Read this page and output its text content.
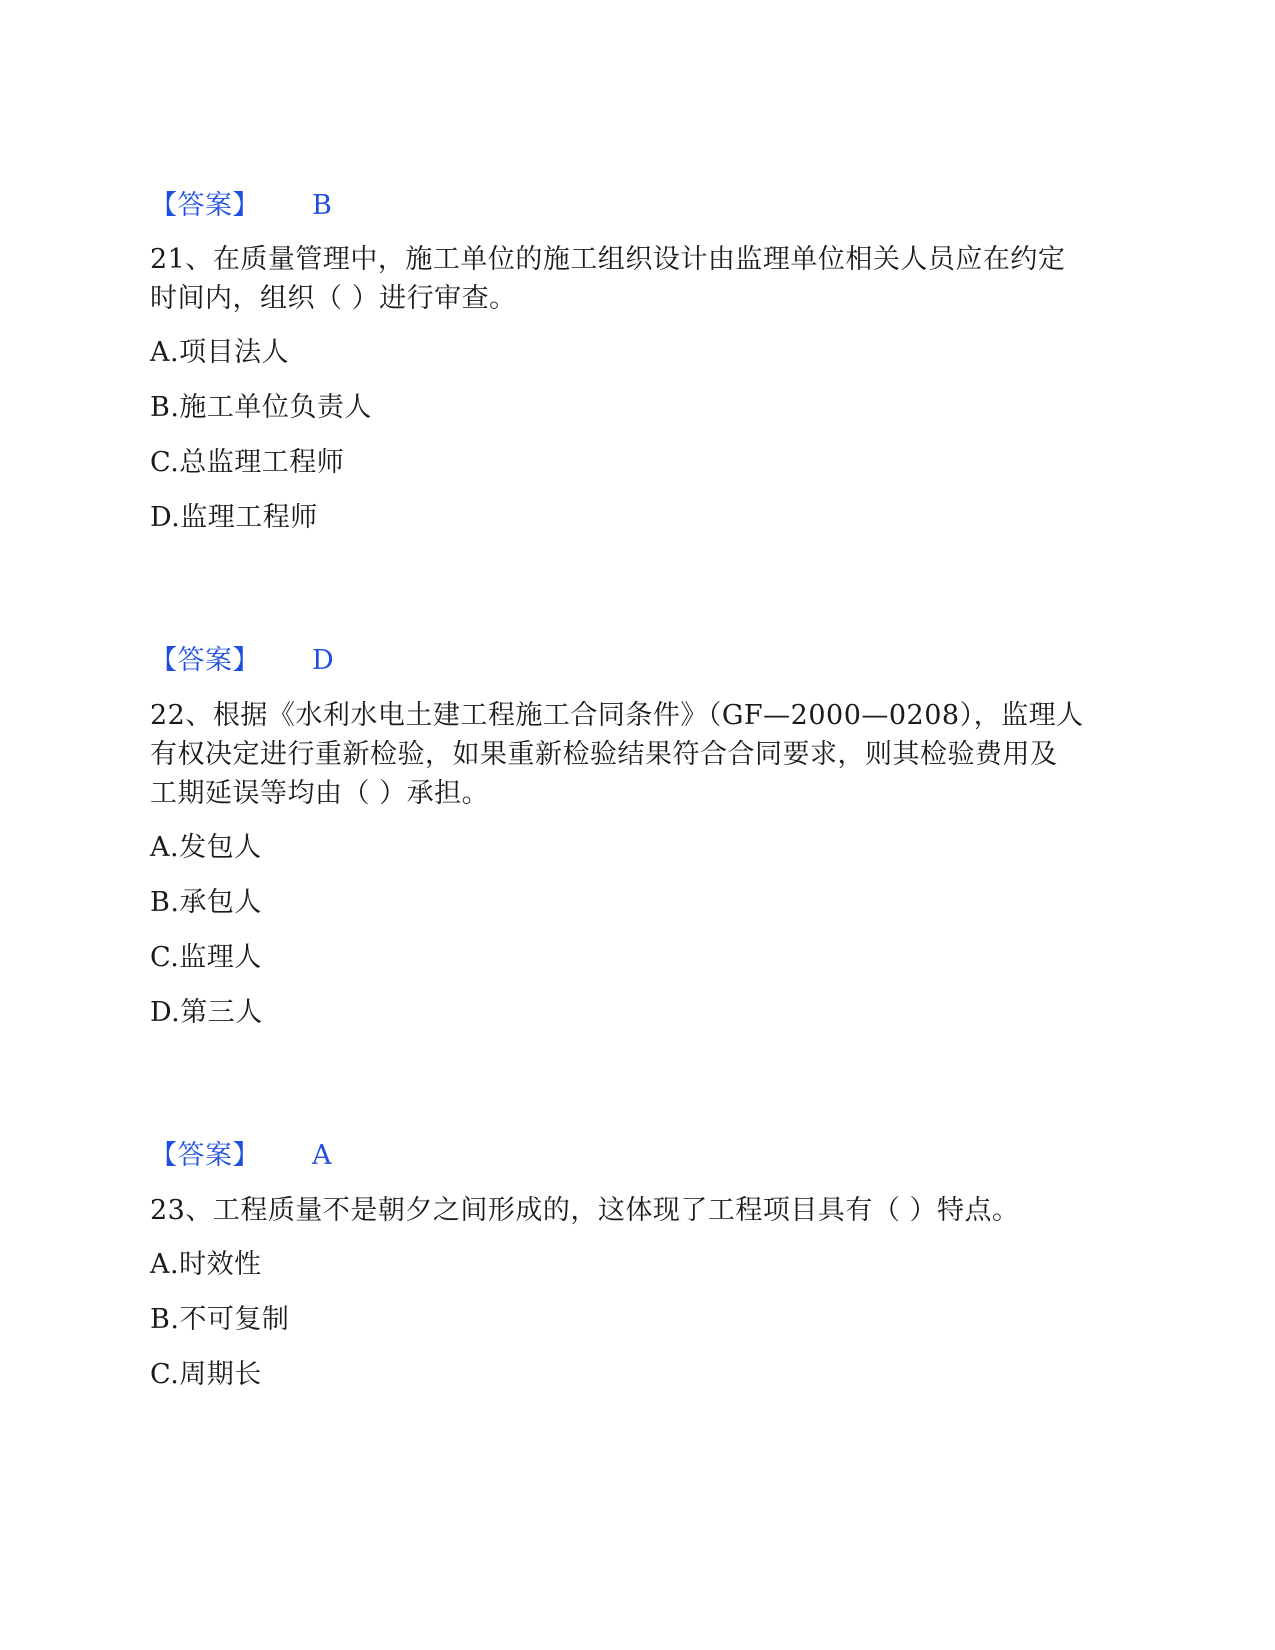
【答案】 B
21、在质量管理中，施工单位的施工组织设计由监理单位相关人员应在约定
时间内，组织（ ）进行审查。
A.项目法人
B.施工单位负责人
C.总监理工程师
D.监理工程师
【答案】 D
22、根据《水利水电土建工程施工合同条件》（GF—2000—0208），监理人
有权决定进行重新检验，如果重新检验结果符合合同要求，则其检验费用及
工期延误等均由（ ）承担。
A.发包人
B.承包人
C.监理人
D.第三人
【答案】 A
23、工程质量不是朝夕之间形成的，这体现了工程项目具有（ ）特点。
A.时效性
B.不可复制
C.周期长
